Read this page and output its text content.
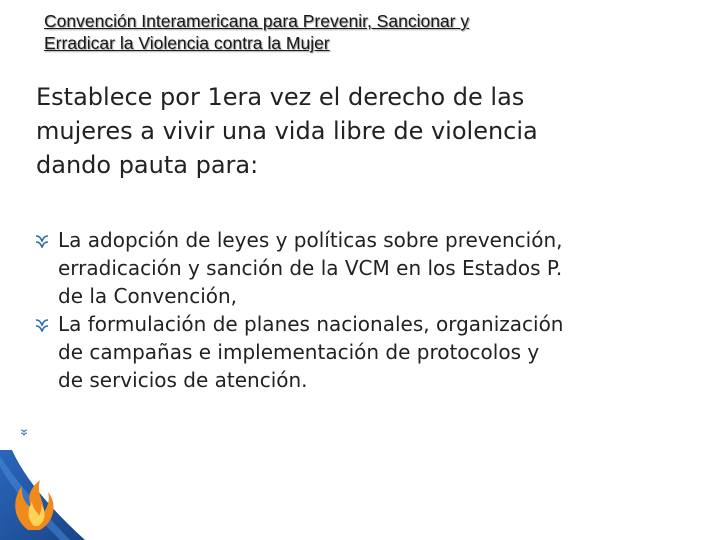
Convención Interamericana para Prevenir, Sancionar y
Erradicar la Violencia contra la Mujer
Establece por 1era vez el derecho de las
mujeres a vivir una vida libre de violencia
dando pauta para:
La adopción de leyes y políticas sobre prevención,
erradicación y sanción de la VCM en los Estados P.
de la Convención,
La formulación de planes nacionales, organización
de campañas e implementación de protocolos y
de servicios de atención.
